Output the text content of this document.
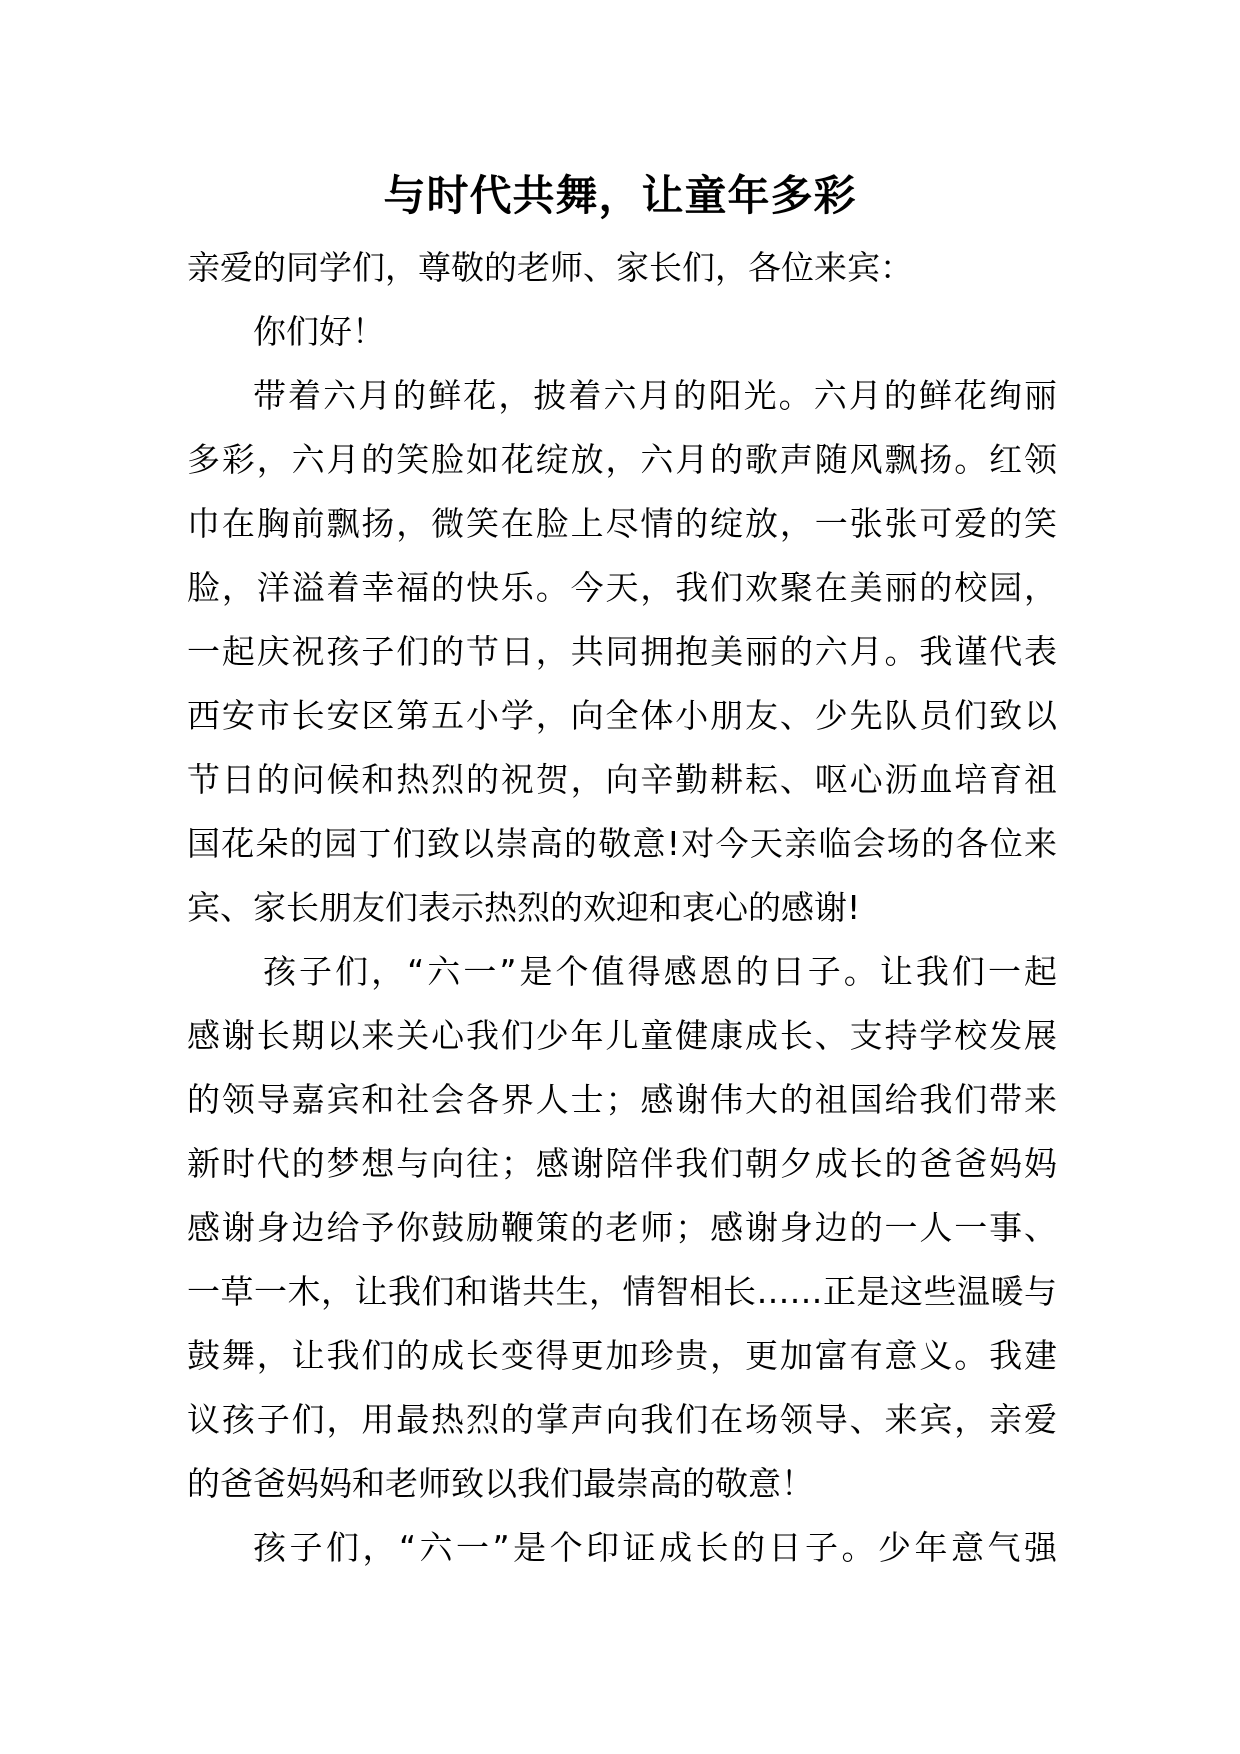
与时代共舞，让童年多彩
亲爱的同学们，尊敬的老师、家长们，各位来宾：
你们好！
带着六月的鲜花，披着六月的阳光。六月的鲜花绚丽
多彩，六月的笑脸如花绽放，六月的歌声随风飘扬。红领
巾在胸前飘扬，微笑在脸上尽情的绽放，一张张可爱的笑
脸，洋溢着幸福的快乐。今天，我们欢聚在美丽的校园，
一起庆祝孩子们的节日，共同拥抱美丽的六月。我谨代表
西安市长安区第五小学，向全体小朋友、少先队员们致以
节日的问候和热烈的祝贺，向辛勤耕耘、呕心沥血培育祖
国花朵的园丁们致以崇高的敬意!对今天亲临会场的各位来
宾、家长朋友们表示热烈的欢迎和衷心的感谢!
孩子们，“六一”是个值得感恩的日子。让我们一起
感谢长期以来关心我们少年儿童健康成长、支持学校发展
的领导嘉宾和社会各界人士；感谢伟大的祖国给我们带来
新时代的梦想与向往；感谢陪伴我们朝夕成长的爸爸妈妈
感谢身边给予你鼓励鞭策的老师；感谢身边的一人一事、
一草一木，让我们和谐共生，情智相长……正是这些温暖与
鼓舞，让我们的成长变得更加珍贵，更加富有意义。我建
议孩子们，用最热烈的掌声向我们在场领导、来宾，亲爱
的爸爸妈妈和老师致以我们最崇高的敬意！
孩子们，“六一”是个印证成长的日子。少年意气强
